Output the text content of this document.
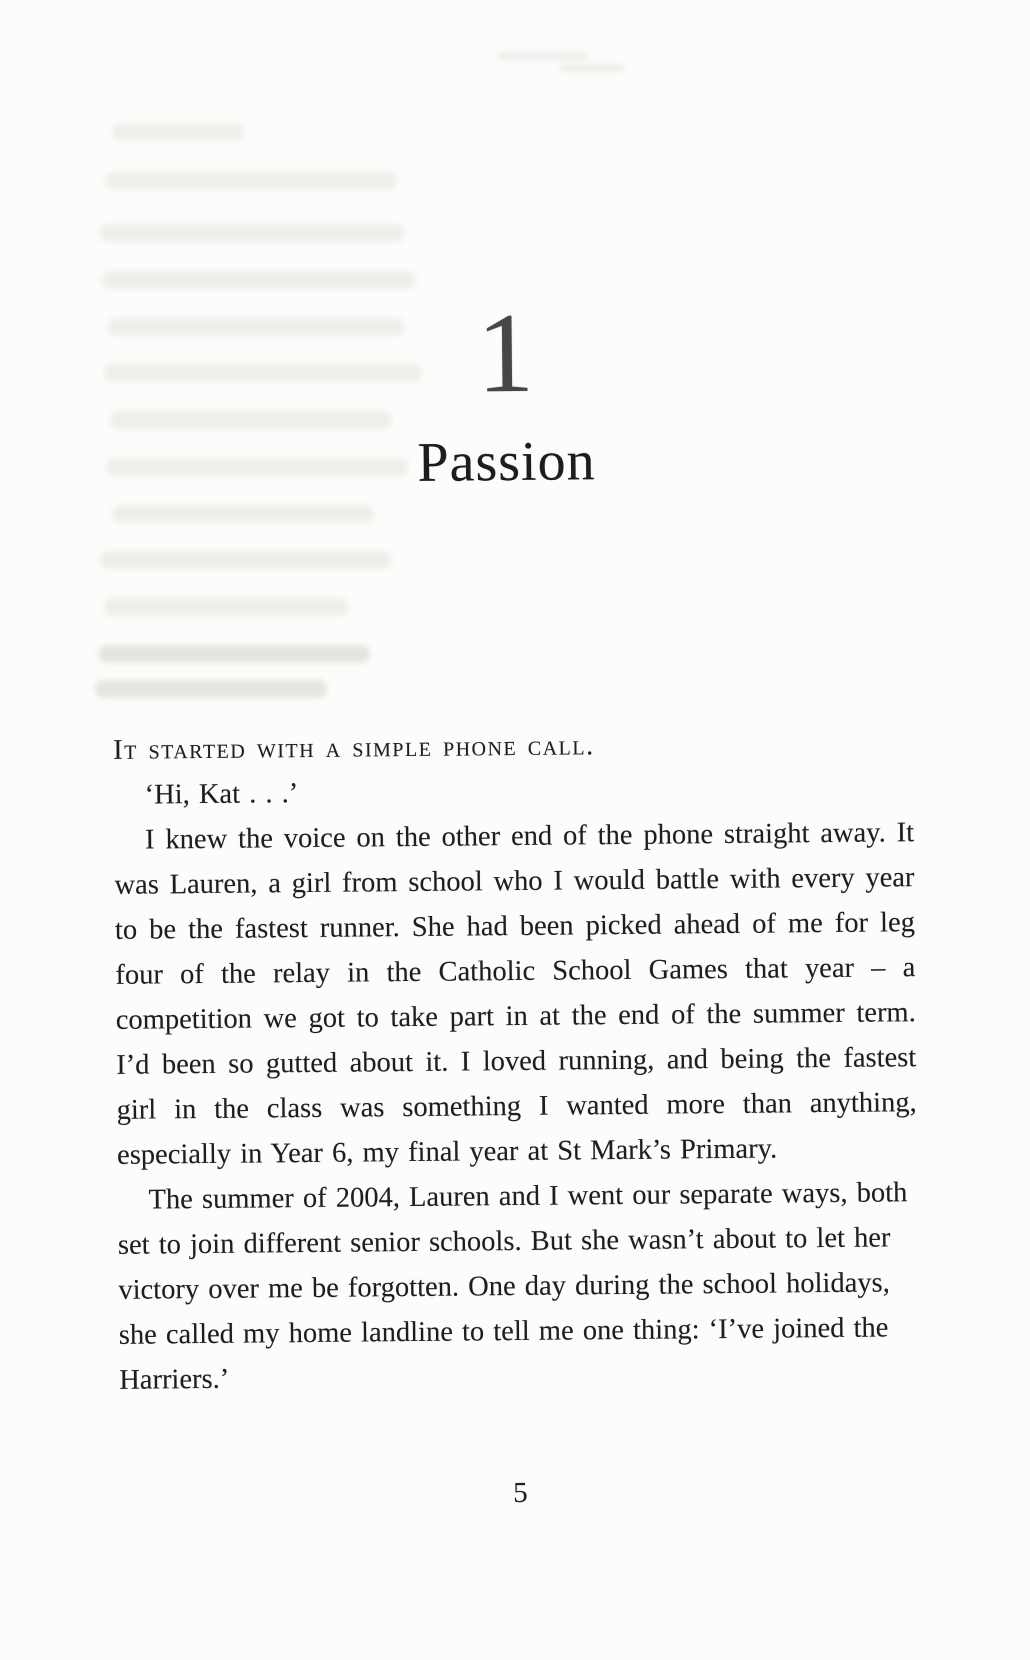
1
Passion

It started with a simple phone call.

‘Hi, Kat . . .’

I knew the voice on the other end of the phone straight away. It was Lauren, a girl from school who I would battle with every year to be the fastest runner. She had been picked ahead of me for leg four of the relay in the Catholic School Games that year – a competition we got to take part in at the end of the summer term. I’d been so gutted about it. I loved running, and being the fastest girl in the class was something I wanted more than anything, especially in Year 6, my final year at St Mark’s Primary.

The summer of 2004, Lauren and I went our separate ways, both set to join different senior schools. But she wasn’t about to let her victory over me be forgotten. One day during the school holidays, she called my home landline to tell me one thing: ‘I’ve joined the Harriers.’

5
